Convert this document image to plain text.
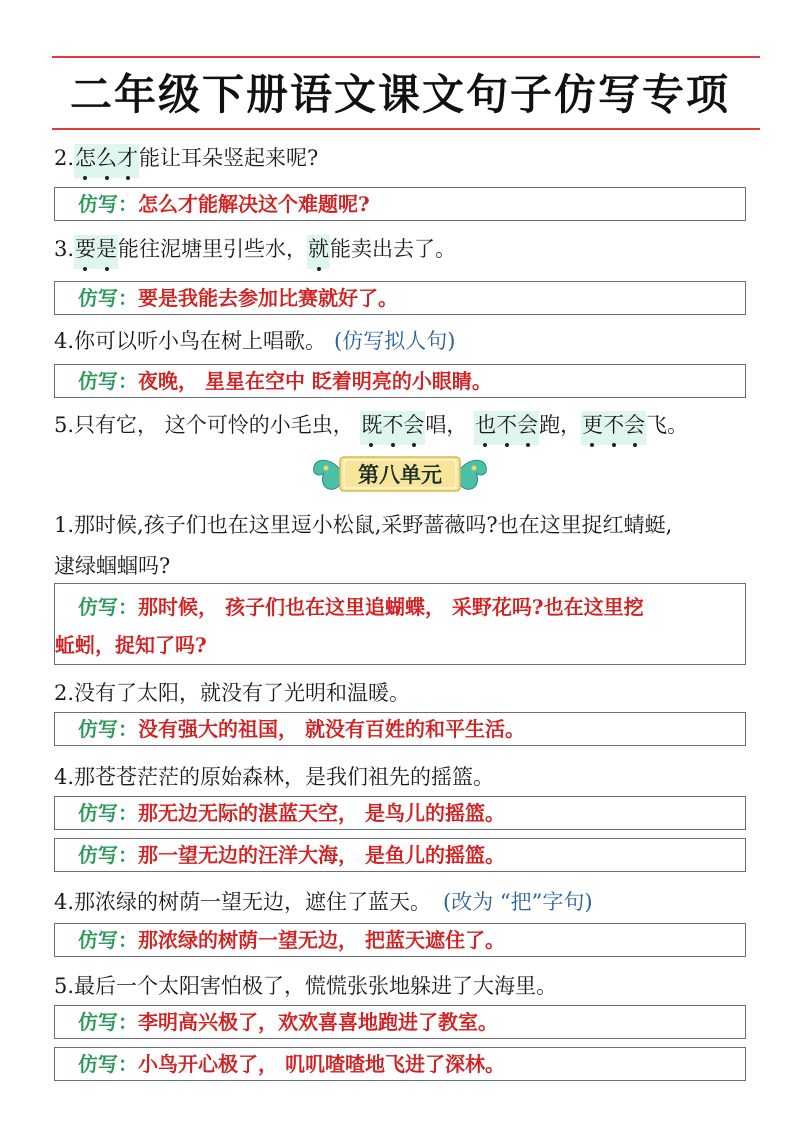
二年级下册语文课文句子仿写专项
2.怎么才
能让耳朵竖起来呢?
仿写：怎么才能解决这个难题呢?
3.要是
能往泥塘里引些水，就
能卖出去了。
仿写：要是我能去参加比赛就好了。
4.你可以听小鸟在树上唱歌。 (仿写拟人句)
仿写：夜晚， 星星在空中 眨着明亮的小眼睛。
5.只有它， 这个可怜的小毛虫， 既不会
唱， 也不会
跑，更不会
飞。
第八单元
1.那时候,孩子们也在这里逗小松鼠,采野蔷薇吗?也在这里捉红蜻蜓,
逮绿蝈蝈吗?
仿写：那时候， 孩子们也在这里追蝴蝶， 采野花吗?也在这里挖
蚯蚓，捉知了吗?
2.没有了太阳，就没有了光明和温暖。
仿写：没有强大的祖国， 就没有百姓的和平生活。
4.那苍苍茫茫的原始森林，是我们祖先的摇篮。
仿写：那无边无际的湛蓝天空， 是鸟儿的摇篮。
仿写：那一望无边的汪洋大海， 是鱼儿的摇篮。
4.那浓绿的树荫一望无边，遮住了蓝天。 (改为 “把”字句)
仿写：那浓绿的树荫一望无边， 把蓝天遮住了。
5.最后一个太阳害怕极了，慌慌张张地躲进了大海里。
仿写：李明高兴极了，欢欢喜喜地跑进了教室。
仿写：小鸟开心极了， 叽叽喳喳地飞进了深林。
